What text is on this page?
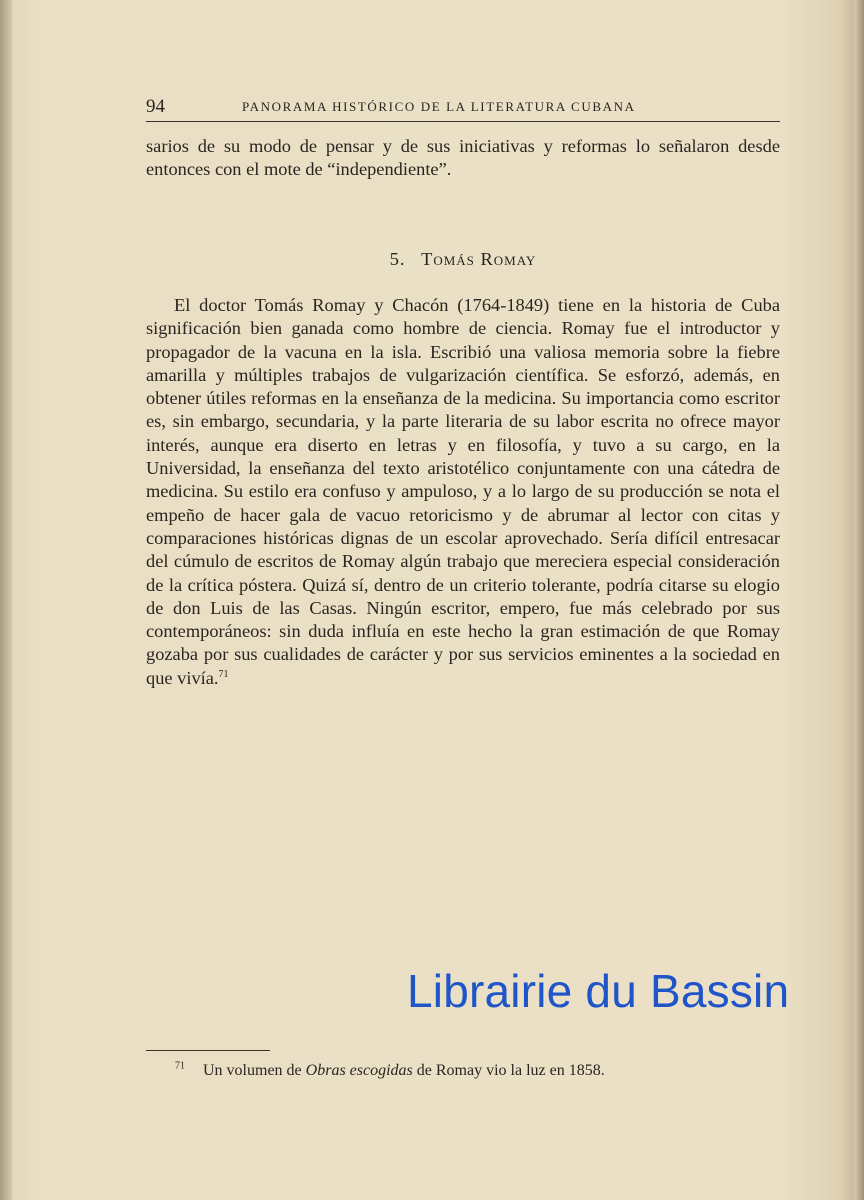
94	PANORAMA HISTÓRICO DE LA LITERATURA CUBANA

sarios de su modo de pensar y de sus iniciativas y reformas lo señalaron desde entonces con el mote de “independiente”.

5. Tomás Romay

El doctor Tomás Romay y Chacón (1764-1849) tiene en la historia de Cuba significación bien ganada como hombre de ciencia. Romay fue el introductor y propagador de la vacuna en la isla. Escribió una valiosa memoria sobre la fiebre amarilla y múltiples trabajos de vulgarización científica. Se esforzó, además, en obtener útiles reformas en la enseñanza de la medicina. Su importancia como escritor es, sin embargo, secundaria, y la parte literaria de su labor escrita no ofrece mayor interés, aunque era diserto en letras y en filosofía, y tuvo a su cargo, en la Universidad, la enseñanza del texto aristotélico conjuntamente con una cátedra de medicina. Su estilo era confuso y ampuloso, y a lo largo de su producción se nota el empeño de hacer gala de vacuo retoricismo y de abrumar al lector con citas y comparaciones históricas dignas de un escolar aprovechado. Sería difícil entresacar del cúmulo de escritos de Romay algún trabajo que mereciera especial consideración de la crítica póstera. Quizá sí, dentro de un criterio tolerante, podría citarse su elogio de don Luis de las Casas. Ningún escritor, empero, fue más celebrado por sus contemporáneos: sin duda influía en este hecho la gran estimación de que Romay gozaba por sus cualidades de carácter y por sus servicios eminentes a la sociedad en que vivía.$^{71}$

$^{71}$ Un volumen de Obras escogidas de Romay vio la luz en 1858.
Librairie du Bassin
